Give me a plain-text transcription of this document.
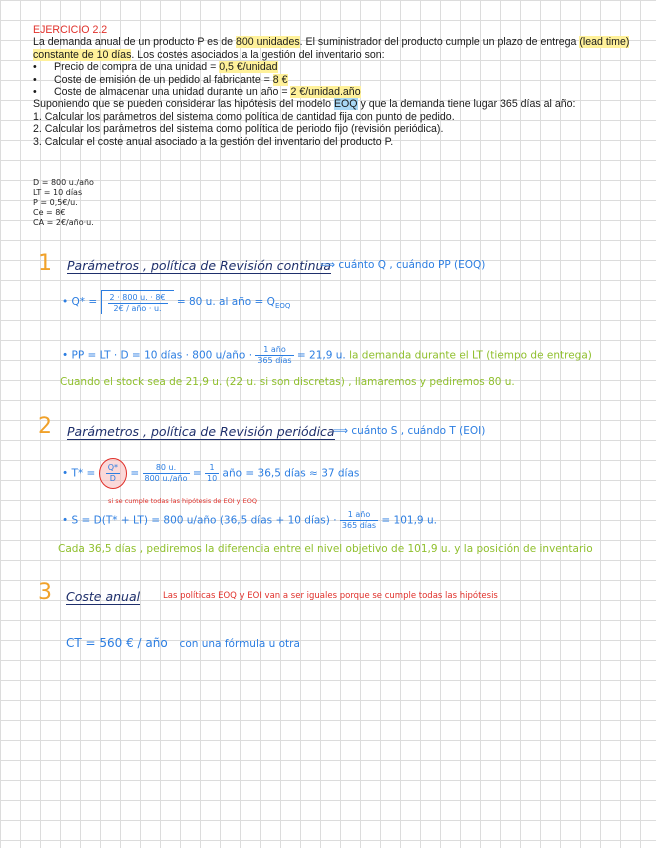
EJERCICIO 2.2
La demanda anual de un producto P es de 800 unidades. El suministrador del producto cumple un plazo de entrega (lead time) constante de 10 días. Los costes asociados a la gestión del inventario son:
•	Precio de compra de una unidad = 0,5 €/unidad
•	Coste de emisión de un pedido al fabricante = 8 €
•	Coste de almacenar una unidad durante un año = 2 €/unidad.año
Suponiendo que se pueden considerar las hipótesis del modelo EOQ y que la demanda tiene lugar 365 días al año:
1. Calcular los parámetros del sistema como política de cantidad fija con punto de pedido.
2. Calcular los parámetros del sistema como política de periodo fijo (revisión periódica).
3. Calcular el coste anual asociado a la gestión del inventario del producto P.
D = 800 u./año
LT = 10 días
P = 0,5€/u.
Ce = 8€
CA = 2€/año·u.
1 Parámetros , política de Revisión continua
⟹ cuánto Q , cuándo PP (EOQ)
• $Q* = \frac{2 \cdot 800 u. \cdot 8€}{\text{2€ / año · u.}} = 80$ u. al año = $Q_{EOQ}$
• PP = LT · D = 10 días · 800 u/año · $\frac{\text{1 año}}{\text{365 días}} = 21,9$ u. la demanda durante el LT (tiempo de entrega)
Cuando el stock sea de 21,9 u. (22 u. si son discretas) , llamaremos y pediremos 80 u.
2 Parámetros , política de Revisión periódica
⟹ cuánto S , cuándo T (EOI)
• $T* = \frac{Q*}{D} = \frac{80 u.}{\text{800 u./año}} = \frac{1}{10}$ año = 36,5 días ≈ 37 días
si se cumple todas las hipótesis de EOI y EOQ
• S = D(T* + LT) = 800 u/año (36,5 días + 10 días) · $\frac{\text{1 año}}{\text{365 días}} = 101,9$ u.
Cada 36,5 días , pediremos la diferencia entre el nivel objetivo de 101,9 u. y la posición de inventario
3 Coste anual	Las políticas EOQ y EOI van a ser iguales porque se cumple todas las hipótesis
CT = 560 € / año con una fórmula u otra
